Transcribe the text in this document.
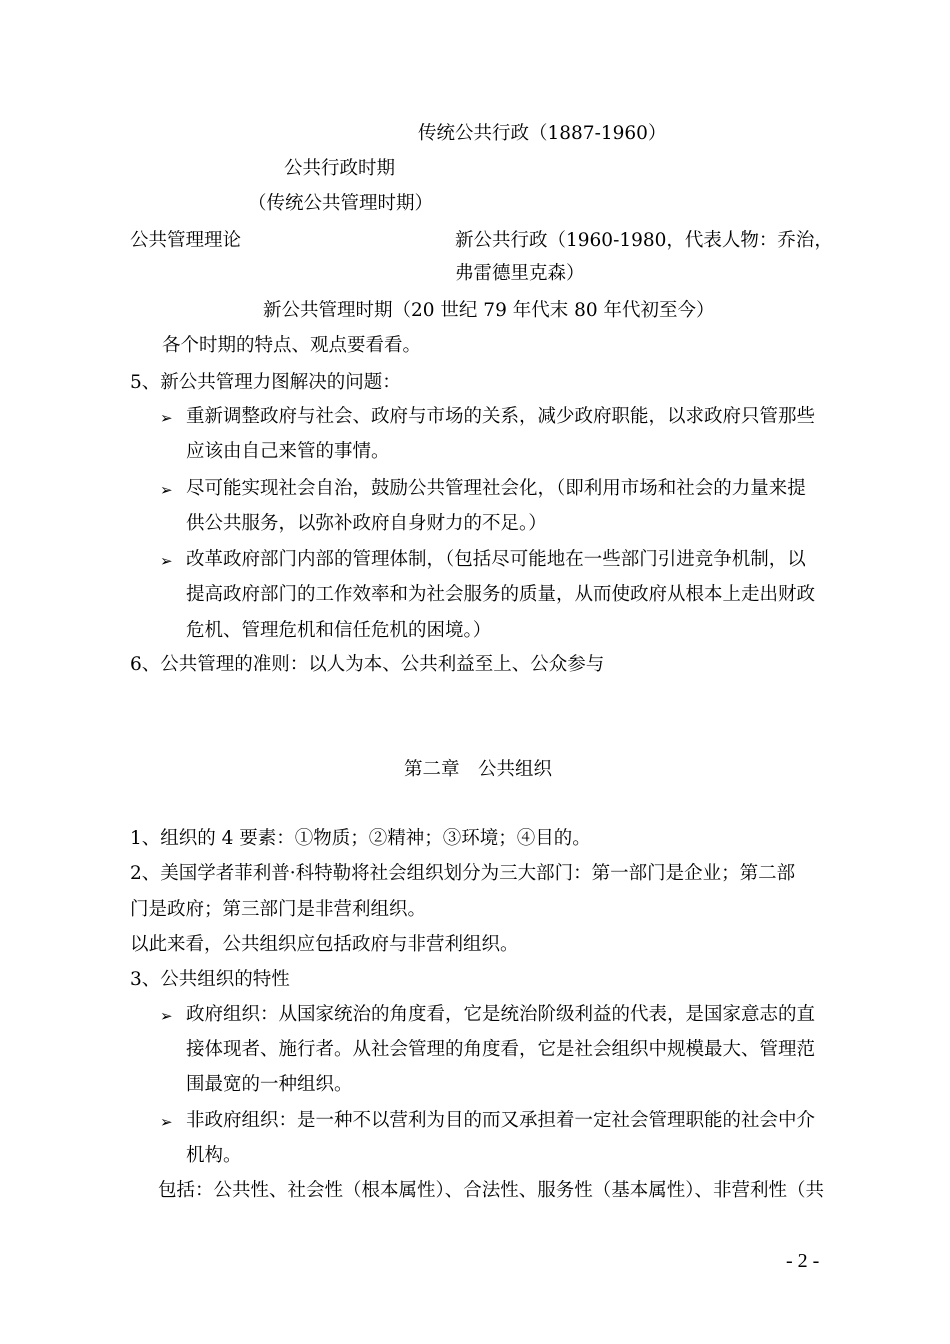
传统公共行政（1887-1960）
公共行政时期
（传统公共管理时期）
公共管理理论	新公共行政（1960-1980，代表人物：乔治，
弗雷德里克森）
新公共管理时期（20 世纪 79 年代末 80 年代初至今）
各个时期的特点、观点要看看。
5、新公共管理力图解决的问题：
➢ 重新调整政府与社会、政府与市场的关系，减少政府职能，以求政府只管那些
应该由自己来管的事情。
➢ 尽可能实现社会自治，鼓励公共管理社会化，（即利用市场和社会的力量来提
供公共服务，以弥补政府自身财力的不足。）
➢ 改革政府部门内部的管理体制，（包括尽可能地在一些部门引进竞争机制，以
提高政府部门的工作效率和为社会服务的质量，从而使政府从根本上走出财政
危机、管理危机和信任危机的困境。）
6、公共管理的准则：以人为本、公共利益至上、公众参与
第二章　公共组织
1、组织的 4 要素：①物质；②精神；③环境；④目的。
2、美国学者菲利普·科特勒将社会组织划分为三大部门：第一部门是企业；第二部
门是政府；第三部门是非营利组织。
以此来看，公共组织应包括政府与非营利组织。
3、公共组织的特性
➢ 政府组织：从国家统治的角度看，它是统治阶级利益的代表，是国家意志的直
接体现者、施行者。从社会管理的角度看，它是社会组织中规模最大、管理范
围最宽的一种组织。
➢ 非政府组织：是一种不以营利为目的而又承担着一定社会管理职能的社会中介
机构。
包括：公共性、社会性（根本属性）、合法性、服务性（基本属性）、非营利性（共
- 2 -
